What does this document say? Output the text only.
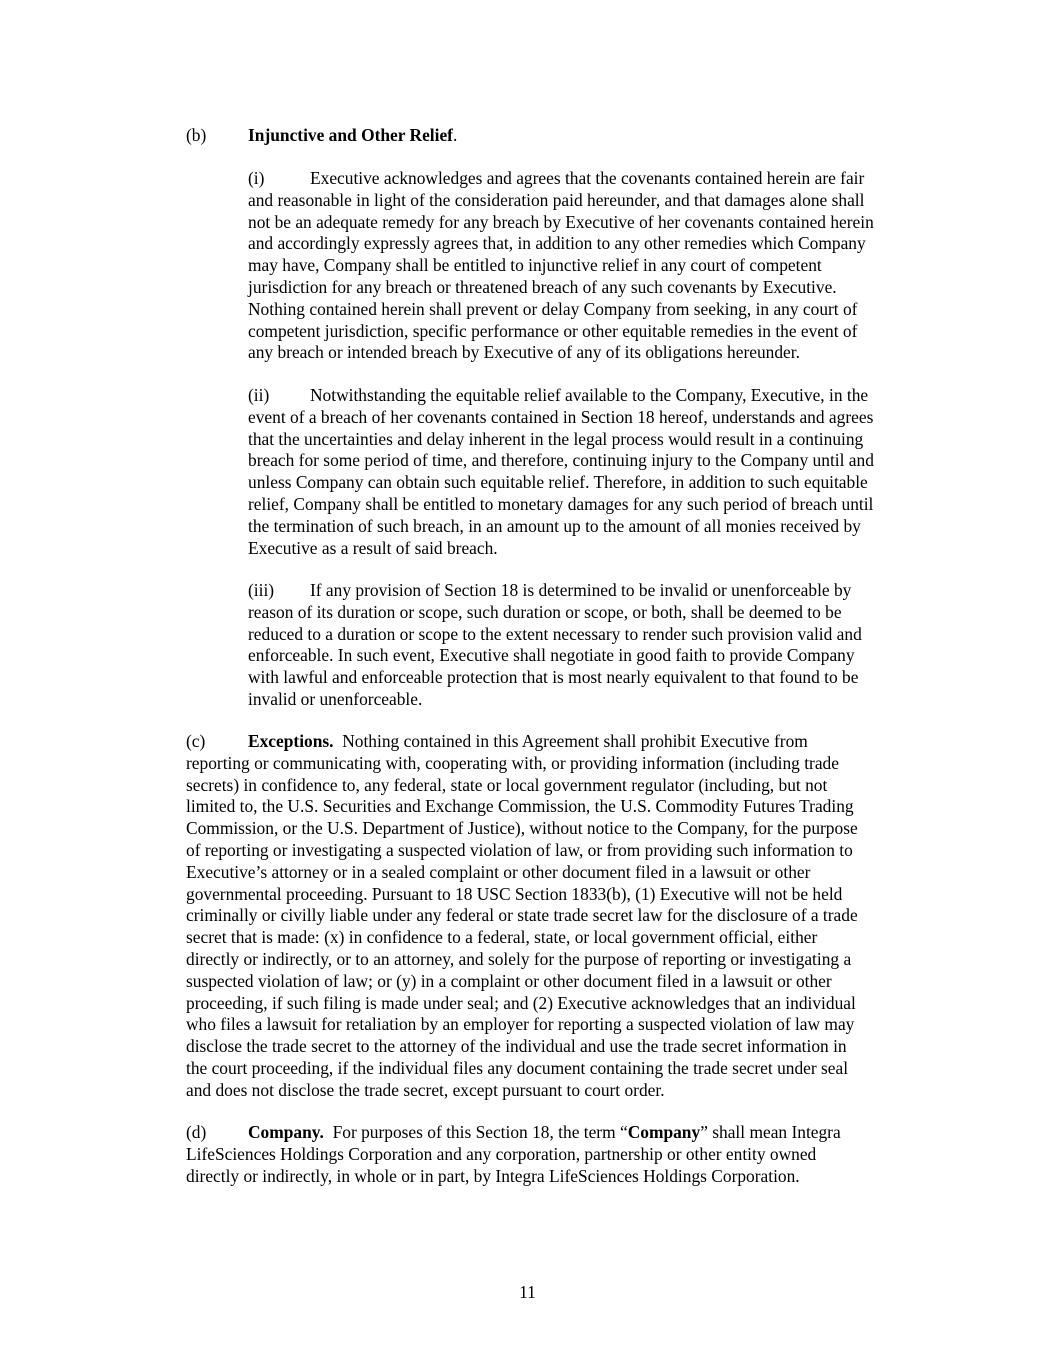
(b) Injunctive and Other Relief.

(i)	Executive acknowledges and agrees that the covenants contained herein are fair
and reasonable in light of the consideration paid hereunder, and that damages alone shall
not be an adequate remedy for any breach by Executive of her covenants contained herein
and accordingly expressly agrees that, in addition to any other remedies which Company
may have, Company shall be entitled to injunctive relief in any court of competent
jurisdiction for any breach or threatened breach of any such covenants by Executive.
Nothing contained herein shall prevent or delay Company from seeking, in any court of
competent jurisdiction, specific performance or other equitable remedies in the event of
any breach or intended breach by Executive of any of its obligations hereunder.

(ii) Notwithstanding the equitable relief available to the Company, Executive, in the
event of a breach of her covenants contained in Section 18 hereof, understands and agrees
that the uncertainties and delay inherent in the legal process would result in a continuing
breach for some period of time, and therefore, continuing injury to the Company until and
unless Company can obtain such equitable relief. Therefore, in addition to such equitable
relief, Company shall be entitled to monetary damages for any such period of breach until
the termination of such breach, in an amount up to the amount of all monies received by
Executive as a result of said breach.

(iii) If any provision of Section 18 is determined to be invalid or unenforceable by
reason of its duration or scope, such duration or scope, or both, shall be deemed to be
reduced to a duration or scope to the extent necessary to render such provision valid and
enforceable. In such event, Executive shall negotiate in good faith to provide Company
with lawful and enforceable protection that is most nearly equivalent to that found to be
invalid or unenforceable.

(c) Exceptions. Nothing contained in this Agreement shall prohibit Executive from
reporting or communicating with, cooperating with, or providing information (including trade
secrets) in confidence to, any federal, state or local government regulator (including, but not
limited to, the U.S. Securities and Exchange Commission, the U.S. Commodity Futures Trading
Commission, or the U.S. Department of Justice), without notice to the Company, for the purpose
of reporting or investigating a suspected violation of law, or from providing such information to
Executive’s attorney or in a sealed complaint or other document filed in a lawsuit or other
governmental proceeding. Pursuant to 18 USC Section 1833(b), (1) Executive will not be held
criminally or civilly liable under any federal or state trade secret law for the disclosure of a trade
secret that is made: (x) in confidence to a federal, state, or local government official, either
directly or indirectly, or to an attorney, and solely for the purpose of reporting or investigating a
suspected violation of law; or (y) in a complaint or other document filed in a lawsuit or other
proceeding, if such filing is made under seal; and (2) Executive acknowledges that an individual
who files a lawsuit for retaliation by an employer for reporting a suspected violation of law may
disclose the trade secret to the attorney of the individual and use the trade secret information in
the court proceeding, if the individual files any document containing the trade secret under seal
and does not disclose the trade secret, except pursuant to court order.

(d) Company. For purposes of this Section 18, the term “Company” shall mean Integra
LifeSciences Holdings Corporation and any corporation, partnership or other entity owned
directly or indirectly, in whole or in part, by Integra LifeSciences Holdings Corporation.

11
